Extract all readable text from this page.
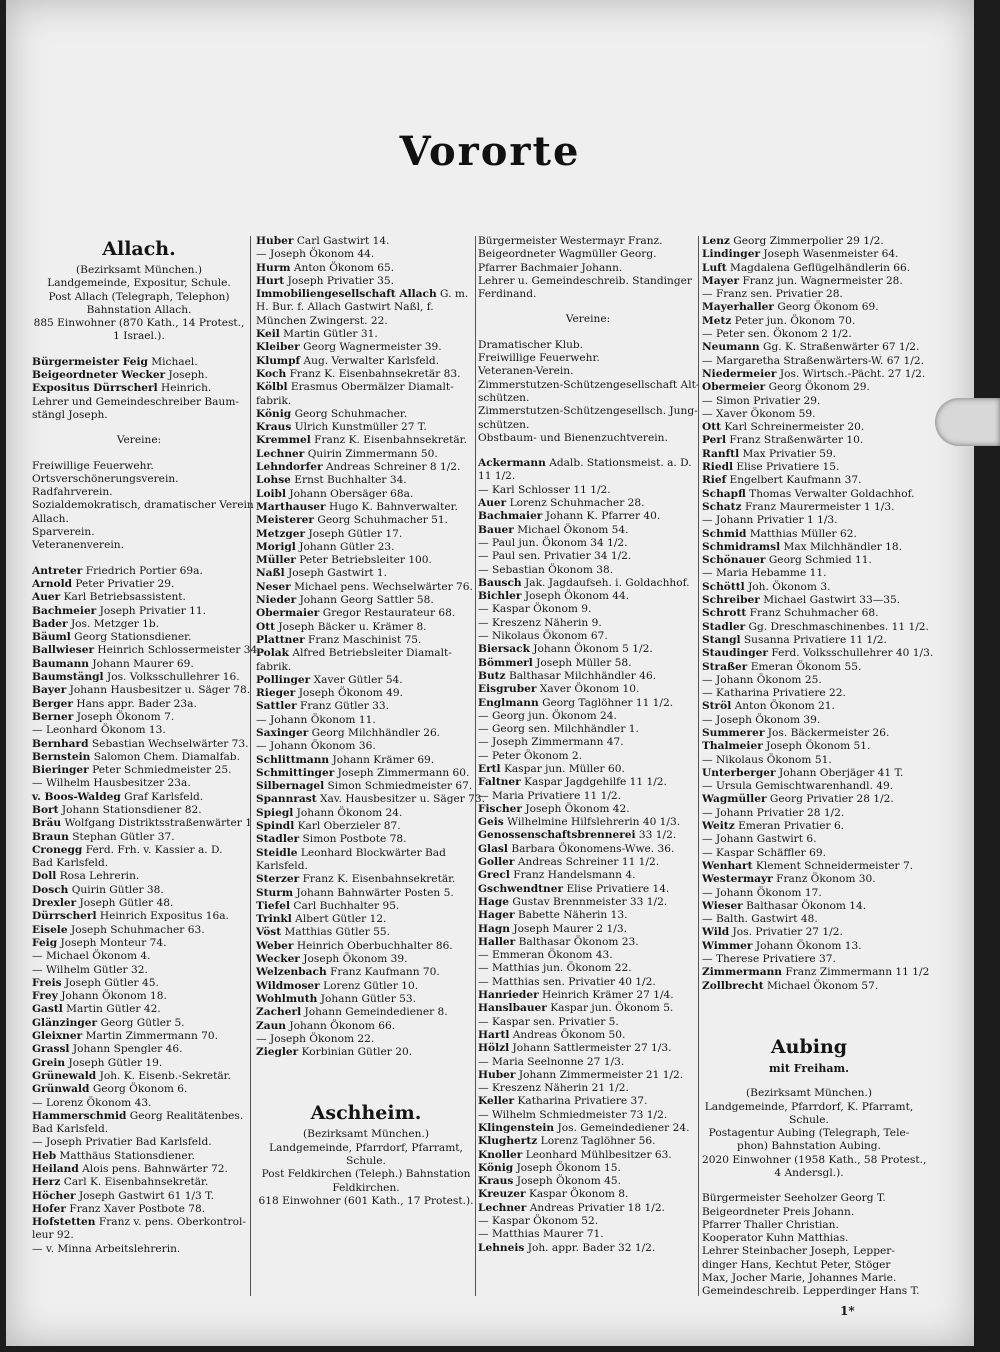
Vororte
Allach.
(Bezirksamt München.)
Landgemeinde, Expositur, Schule.
Post Allach (Telegraph, Telephon)
Bahnstation Allach.
885 Einwohner (870 Kath., 14 Protest.,
1 Israel.).
Bürgermeister Feig Michael.
Beigeordneter Wecker Joseph.
Expositus Dürrscherl Heinrich.
Lehrer und Gemeindeschreiber Baum-
stängl Joseph.
Vereine:
Freiwillige Feuerwehr.
Ortsverschönerungsverein.
Radfahrverein.
Sozialdemokratisch, dramatischer Verein
Allach.
Sparverein.
Veteranenverein.
Antreter Friedrich Portier 69a.
Arnold Peter Privatier 29.
Auer Karl Betriebsassistent.
Bachmeier Joseph Privatier 11.
Bader Jos. Metzger 1b.
Bäuml Georg Stationsdiener.
Ballwieser Heinrich Schlossermeister 34.
Baumann Johann Maurer 69.
Baumstängl Jos. Volksschullehrer 16.
Bayer Johann Hausbesitzer u. Säger 78.
Berger Hans appr. Bader 23a.
Berner Joseph Ökonom 7.
— Leonhard Ökonom 13.
Bernhard Sebastian Wechselwärter 73.
Bernstein Salomon Chem. Diamalfab.
Bieringer Peter Schmiedmeister 25.
— Wilhelm Hausbesitzer 23a.
v. Boos-Waldeg Graf Karlsfeld.
Bort Johann Stationsdiener 82.
Bräu Wolfgang Distriktsstraßenwärter 1
Braun Stephan Gütler 37.
Cronegg Ferd. Frh. v. Kassier a. D.
Bad Karlsfeld.
Doll Rosa Lehrerin.
Dosch Quirin Gütler 38.
Drexler Joseph Gütler 48.
Dürrscherl Heinrich Expositus 16a.
Eisele Joseph Schuhmacher 63.
Feig Joseph Monteur 74.
— Michael Ökonom 4.
— Wilhelm Gütler 32.
Freis Joseph Gütler 45.
Frey Johann Ökonom 18.
Gastl Martin Gütler 42.
Glänzinger Georg Gütler 5.
Gleixner Martin Zimmermann 70.
Grassl Johann Spengler 46.
Grein Joseph Gütler 19.
Grünewald Joh. K. Eisenb.-Sekretär.
Grünwald Georg Ökonom 6.
— Lorenz Ökonom 43.
Hammerschmid Georg Realitätenbes.
Bad Karlsfeld.
— Joseph Privatier Bad Karlsfeld.
Heb Matthäus Stationsdiener.
Heiland Alois pens. Bahnwärter 72.
Herz Carl K. Eisenbahnsekretär.
Höcher Joseph Gastwirt 61 1/3 T.
Hofer Franz Xaver Postbote 78.
Hofstetten Franz v. pens. Oberkontrol-
leur 92.
— v. Minna Arbeitslehrerin.
Huber Carl Gastwirt 14.
— Joseph Ökonom 44.
Hurm Anton Ökonom 65.
Hurt Joseph Privatier 35.
Immobiliengesellschaft Allach G. m.
H. Bur. f. Allach Gastwirt Naßl, f.
München Zwingerst. 22.
Keil Martin Gütler 31.
Kleiber Georg Wagnermeister 39.
Klumpf Aug. Verwalter Karlsfeld.
Koch Franz K. Eisenbahnsekretär 83.
Kölbl Erasmus Obermälzer Diamalt-
fabrik.
König Georg Schuhmacher.
Kraus Ulrich Kunstmüller 27 T.
Kremmel Franz K. Eisenbahnsekretär.
Lechner Quirin Zimmermann 50.
Lehndorfer Andreas Schreiner 8 1/2.
Lohse Ernst Buchhalter 34.
Loibl Johann Obersäger 68a.
Marthauser Hugo K. Bahnverwalter.
Meisterer Georg Schuhmacher 51.
Metzger Joseph Gütler 17.
Morigl Johann Gütler 23.
Müller Peter Betriebsleiter 100.
Naßl Joseph Gastwirt 1.
Neser Michael pens. Wechselwärter 76.
Nieder Johann Georg Sattler 58.
Obermaier Gregor Restaurateur 68.
Ott Joseph Bäcker u. Krämer 8.
Plattner Franz Maschinist 75.
Polak Alfred Betriebsleiter Diamalt-
fabrik.
Pollinger Xaver Gütler 54.
Rieger Joseph Ökonom 49.
Sattler Franz Gütler 33.
— Johann Ökonom 11.
Saxinger Georg Milchhändler 26.
— Johann Ökonom 36.
Schlittmann Johann Krämer 69.
Schmittinger Joseph Zimmermann 60.
Silbernagel Simon Schmiedmeister 67.
Spannrast Xav. Hausbesitzer u. Säger 73.
Spiegl Johann Ökonom 24.
Spindl Karl Oberzieler 87.
Stadler Simon Postbote 78.
Steidle Leonhard Blockwärter Bad
Karlsfeld.
Sterzer Franz K. Eisenbahnsekretär.
Sturm Johann Bahnwärter Posten 5.
Tiefel Carl Buchhalter 95.
Trinkl Albert Gütler 12.
Vöst Matthias Gütler 55.
Weber Heinrich Oberbuchhalter 86.
Wecker Joseph Ökonom 39.
Welzenbach Franz Kaufmann 70.
Wildmoser Lorenz Gütler 10.
Wohlmuth Johann Gütler 53.
Zacherl Johann Gemeindediener 8.
Zaun Johann Ökonom 66.
— Joseph Ökonom 22.
Ziegler Korbinian Gütler 20.
Aschheim.
(Bezirksamt München.)
Landgemeinde, Pfarrdorf, Pfarramt,
Schule.
Post Feldkirchen (Teleph.) Bahnstation
Feldkirchen.
618 Einwohner (601 Kath., 17 Protest.).
Bürgermeister Westermayr Franz.
Beigeordneter Wagmüller Georg.
Pfarrer Bachmaier Johann.
Lehrer u. Gemeindeschreib. Standinger
Ferdinand.
Vereine:
Dramatischer Klub.
Freiwillige Feuerwehr.
Veteranen-Verein.
Zimmerstutzen-Schützengesellschaft Alt-
schützen.
Zimmerstutzen-Schützengesellsch. Jung-
schützen.
Obstbaum- und Bienenzuchtverein.
Ackermann Adalb. Stationsmeist. a. D.
11 1/2.
— Karl Schlosser 11 1/2.
Auer Lorenz Schuhmacher 28.
Bachmaier Johann K. Pfarrer 40.
Bauer Michael Ökonom 54.
— Paul jun. Ökonom 34 1/2.
— Paul sen. Privatier 34 1/2.
— Sebastian Ökonom 38.
Bausch Jak. Jagdaufseh. i. Goldachhof.
Bichler Joseph Ökonom 44.
— Kaspar Ökonom 9.
— Kreszenz Näherin 9.
— Nikolaus Ökonom 67.
Biersack Johann Ökonom 5 1/2.
Bömmerl Joseph Müller 58.
Butz Balthasar Milchhändler 46.
Eisgruber Xaver Ökonom 10.
Englmann Georg Taglöhner 11 1/2.
— Georg jun. Ökonom 24.
— Georg sen. Milchhändler 1.
— Joseph Zimmermann 47.
— Peter Ökonom 2.
Ertl Kaspar jun. Müller 60.
Faltner Kaspar Jagdgehilfe 11 1/2.
— Maria Privatiere 11 1/2.
Fischer Joseph Ökonom 42.
Geis Wilhelmine Hilfslehrerin 40 1/3.
Genossenschaftsbrennerei 33 1/2.
Glasl Barbara Ökonomens-Wwe. 36.
Goller Andreas Schreiner 11 1/2.
Grecl Franz Handelsmann 4.
Gschwendtner Elise Privatiere 14.
Hage Gustav Brennmeister 33 1/2.
Hager Babette Näherin 13.
Hagn Joseph Maurer 2 1/3.
Haller Balthasar Ökonom 23.
— Emmeran Ökonom 43.
— Matthias jun. Ökonom 22.
— Matthias sen. Privatier 40 1/2.
Hanrieder Heinrich Krämer 27 1/4.
Hanslbauer Kaspar jun. Ökonom 5.
— Kaspar sen. Privatier 5.
Hartl Andreas Ökonom 50.
Hölzl Johann Sattlermeister 27 1/3.
— Maria Seelnonne 27 1/3.
Huber Johann Zimmermeister 21 1/2.
— Kreszenz Näherin 21 1/2.
Keller Katharina Privatiere 37.
— Wilhelm Schmiedmeister 73 1/2.
Klingenstein Jos. Gemeindediener 24.
Klughertz Lorenz Taglöhner 56.
Knoller Leonhard Mühlbesitzer 63.
König Joseph Ökonom 15.
Kraus Joseph Ökonom 45.
Kreuzer Kaspar Ökonom 8.
Lechner Andreas Privatier 18 1/2.
— Kaspar Ökonom 52.
— Matthias Maurer 71.
Lehneis Joh. appr. Bader 32 1/2.
Lenz Georg Zimmerpolier 29 1/2.
Lindinger Joseph Wasenmeister 64.
Luft Magdalena Geflügelhändlerin 66.
Mayer Franz jun. Wagnermeister 28.
— Franz sen. Privatier 28.
Mayerhaller Georg Ökonom 69.
Metz Peter jun. Ökonom 70.
— Peter sen. Ökonom 2 1/2.
Neumann Gg. K. Straßenwärter 67 1/2.
— Margaretha Straßenwärters-W. 67 1/2.
Niedermeier Jos. Wirtsch.-Pächt. 27 1/2.
Obermeier Georg Ökonom 29.
— Simon Privatier 29.
— Xaver Ökonom 59.
Ott Karl Schreinermeister 20.
Perl Franz Straßenwärter 10.
Ranftl Max Privatier 59.
Riedl Elise Privatiere 15.
Rief Engelbert Kaufmann 37.
Schapfl Thomas Verwalter Goldachhof.
Schatz Franz Maurermeister 1 1/3.
— Johann Privatier 1 1/3.
Schmid Matthias Müller 62.
Schmidramsl Max Milchhändler 18.
Schönauer Georg Schmied 11.
— Maria Hebamme 11.
Schöttl Joh. Ökonom 3.
Schreiber Michael Gastwirt 33—35.
Schrott Franz Schuhmacher 68.
Stadler Gg. Dreschmaschinenbes. 11 1/2.
Stangl Susanna Privatiere 11 1/2.
Staudinger Ferd. Volksschullehrer 40 1/3.
Straßer Emeran Ökonom 55.
— Johann Ökonom 25.
— Katharina Privatiere 22.
Ströl Anton Ökonom 21.
— Joseph Ökonom 39.
Summerer Jos. Bäckermeister 26.
Thalmeier Joseph Ökonom 51.
— Nikolaus Ökonom 51.
Unterberger Johann Oberjäger 41 T.
— Ursula Gemischtwarenhandl. 49.
Wagmüller Georg Privatier 28 1/2.
— Johann Privatier 28 1/2.
Weitz Emeran Privatier 6.
— Johann Gastwirt 6.
— Kaspar Schäffler 69.
Wenhart Klement Schneidermeister 7.
Westermayr Franz Ökonom 30.
— Johann Ökonom 17.
Wieser Balthasar Ökonom 14.
— Balth. Gastwirt 48.
Wild Jos. Privatier 27 1/2.
Wimmer Johann Ökonom 13.
— Therese Privatiere 37.
Zimmermann Franz Zimmermann 11 1/2
Zollbrecht Michael Ökonom 57.
Aubing
mit Freiham.
(Bezirksamt München.)
Landgemeinde, Pfarrdorf, K. Pfarramt,
Schule.
Postagentur Aubing (Telegraph, Tele-
phon) Bahnstation Aubing.
2020 Einwohner (1958 Kath., 58 Protest.,
4 Andersgl.).
Bürgermeister Seeholzer Georg T.
Beigeordneter Preis Johann.
Pfarrer Thaller Christian.
Kooperator Kuhn Matthias.
Lehrer Steinbacher Joseph, Lepper-
dinger Hans, Kechtut Peter, Stöger
Max, Jocher Marie, Johannes Marie.
Gemeindeschreib. Lepperdinger Hans T.
1*
